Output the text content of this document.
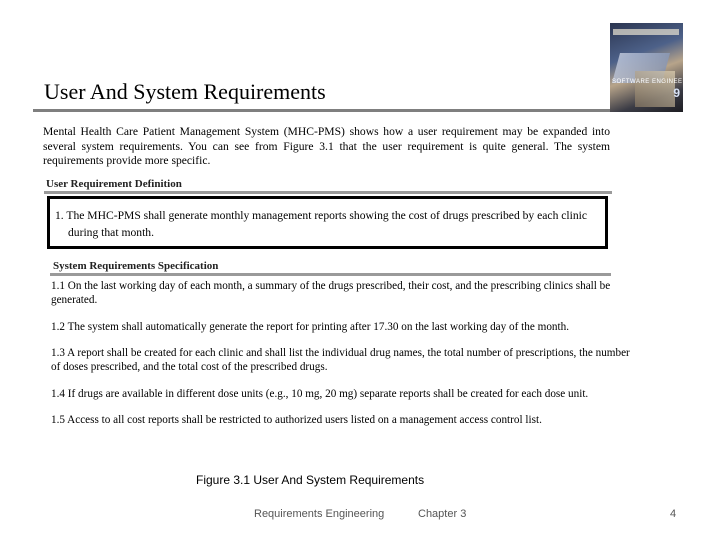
User And System Requirements	SOFTWARE ENGINEERING
9
Mental Health Care Patient Management System (MHC-PMS) shows how a user requirement may be expanded into several system requirements. You can see from Figure 3.1 that the user requirement is quite general. The system requirements provide more specific.
User Requirement Definition
1. The MHC-PMS shall generate monthly management reports showing the cost of drugs prescribed by each clinic during that month.
System Requirements Specification
1.1 On the last working day of each month, a summary of the drugs prescribed, their cost, and the prescribing clinics shall be generated.
1.2 The system shall automatically generate the report for printing after 17.30 on the last working day of the month.
1.3 A report shall be created for each clinic and shall list the individual drug names, the total number of prescriptions, the number of doses prescribed, and the total cost of the prescribed drugs.
1.4 If drugs are available in different dose units (e.g., 10 mg, 20 mg) separate reports shall be created for each dose unit.
1.5 Access to all cost reports shall be restricted to authorized users listed on a management access control list.
Figure 3.1 User And System Requirements
Requirements Engineering	Chapter 3	4
